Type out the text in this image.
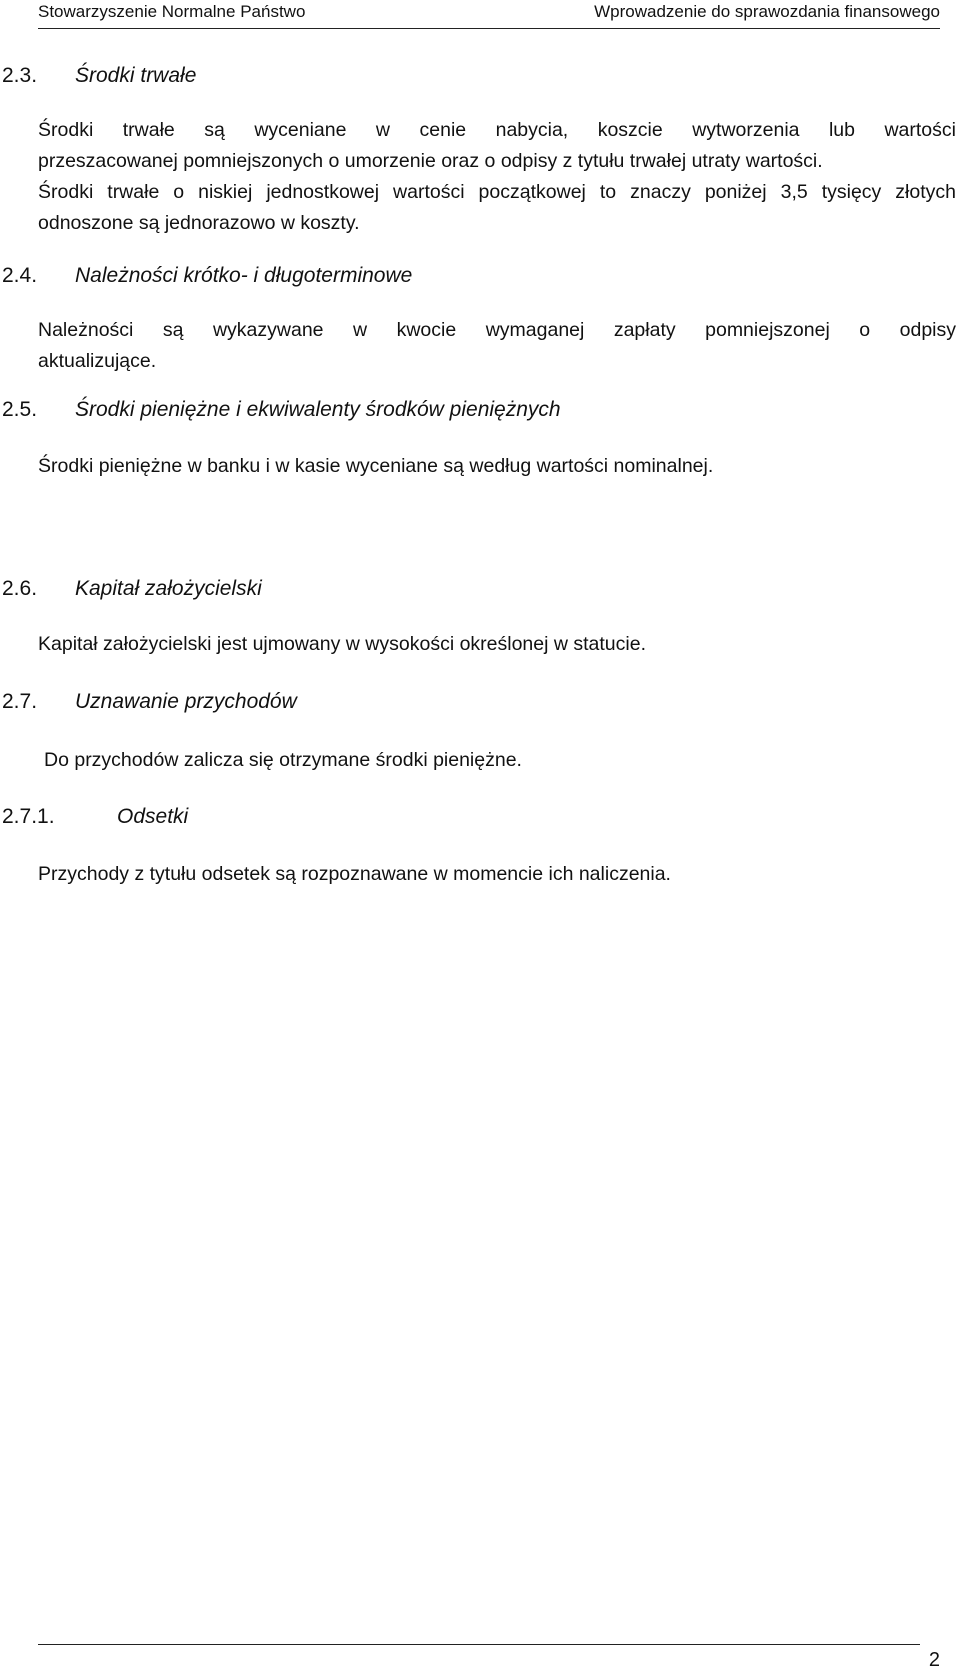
Stowarzyszenie Normalne Państwo	Wprowadzenie do sprawozdania finansowego
2.3. Środki trwałe
Środki trwałe są wyceniane w cenie nabycia, koszcie wytworzenia lub wartości
przeszacowanej pomniejszonych o umorzenie oraz o odpisy z tytułu trwałej utraty wartości.
Środki trwałe o niskiej jednostkowej wartości początkowej to znaczy poniżej 3,5 tysięcy złotych
odnoszone są jednorazowo w koszty.
2.4. Należności krótko- i długoterminowe
Należności są wykazywane w kwocie wymaganej zapłaty pomniejszonej o odpisy
aktualizujące.
2.5. Środki pieniężne i ekwiwalenty środków pieniężnych
Środki pieniężne w banku i w kasie wyceniane są według wartości nominalnej.
2.6. Kapitał założycielski
Kapitał założycielski jest ujmowany w wysokości określonej w statucie.
2.7. Uznawanie przychodów
Do przychodów zalicza się otrzymane środki pieniężne.
2.7.1.	Odsetki
Przychody z tytułu odsetek są rozpoznawane w momencie ich naliczenia.
2
